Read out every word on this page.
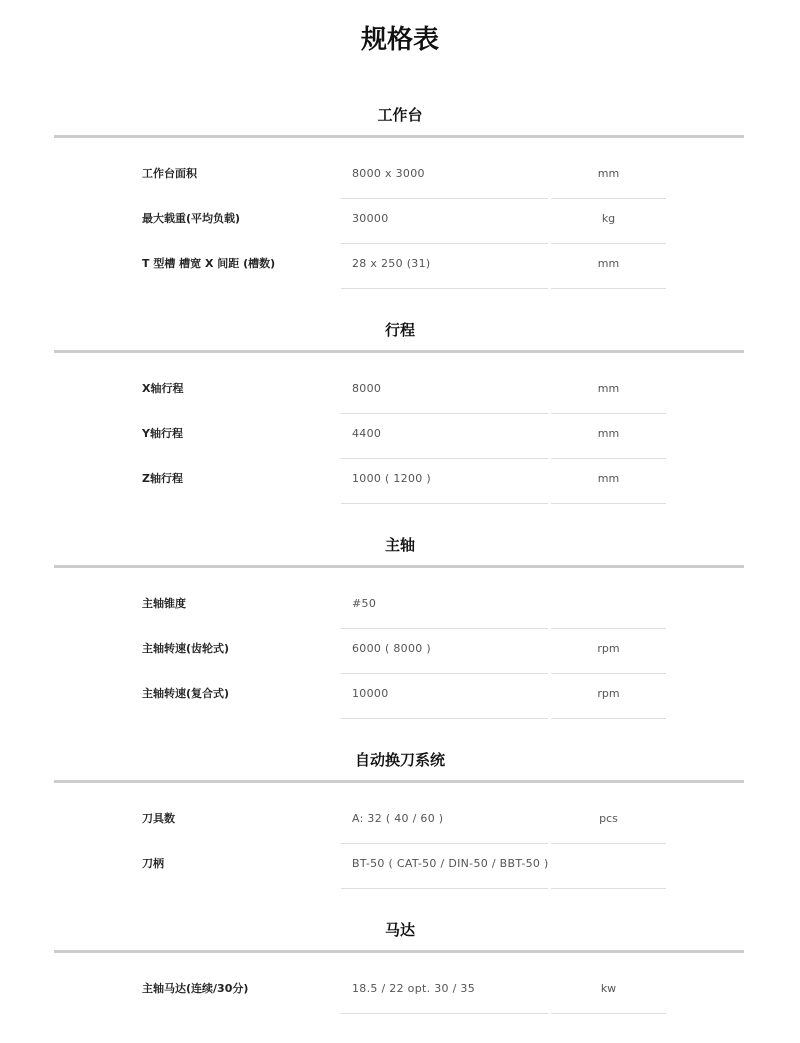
规格表
工作台
工作台面积	8000 x 3000	mm
最大载重(平均负载)	30000	kg
T 型槽 槽宽 X 间距 (槽数)	28 x 250 (31)	mm
行程
X轴行程	8000	mm
Y轴行程	4400	mm
Z轴行程	1000 ( 1200 )	mm
主轴
主轴锥度	#50
主轴转速(齿轮式)	6000 ( 8000 )	rpm
主轴转速(复合式)	10000	rpm
自动换刀系统
刀具数	A: 32 ( 40 / 60 )	pcs
刀柄	BT-50 ( CAT-50 / DIN-50 / BBT-50 )
马达
主轴马达(连续/30分)	18.5 / 22 opt. 30 / 35	kw
